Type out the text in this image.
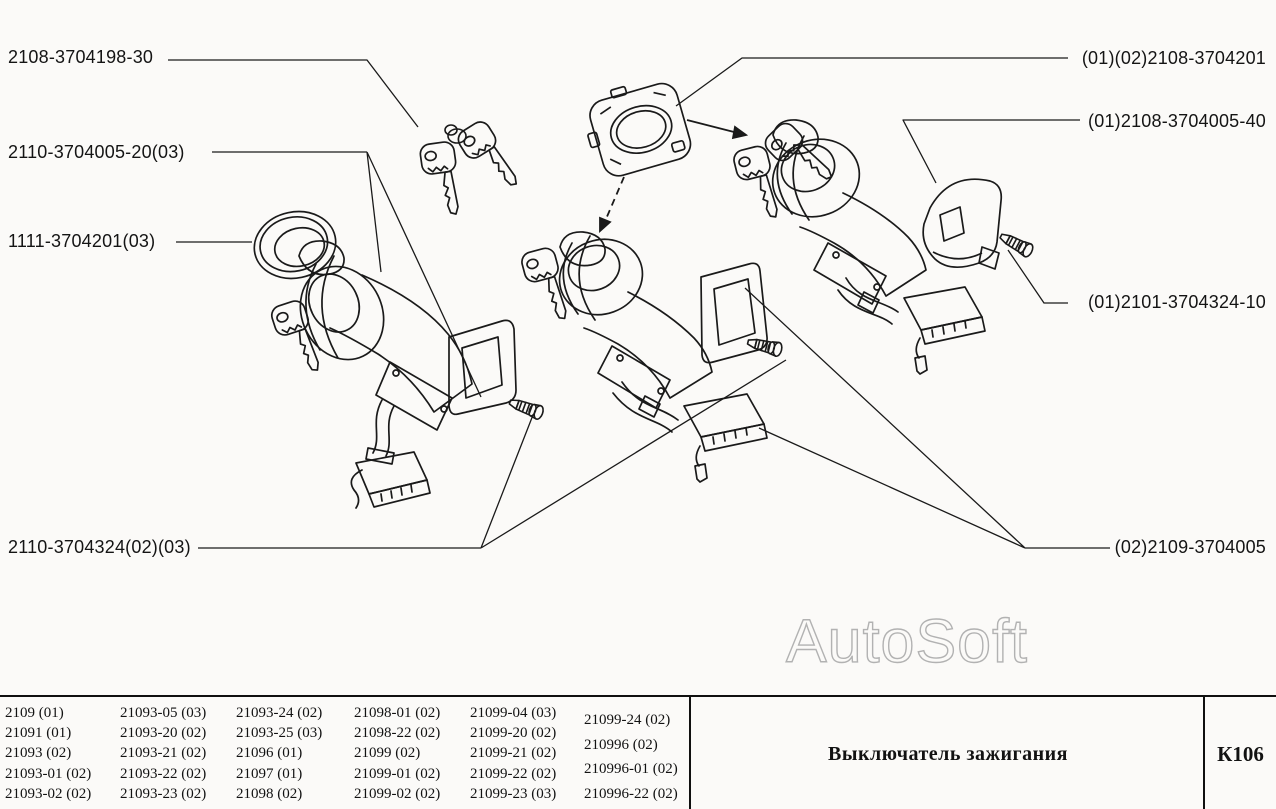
2108-3704198-30
2110-3704005-20(03)
1111-3704201(03)
2110-3704324(02)(03)
(01)(02)2108-3704201
(01)2108-3704005-40
(01)2101-3704324-10
(02)2109-3704005
AutoSoft
2109 (01)
21091 (01)
21093 (02)
21093-01 (02)
21093-02 (02)
21093-05 (03)
21093-20 (02)
21093-21 (02)
21093-22 (02)
21093-23 (02)
21093-24 (02)
21093-25 (03)
21096 (01)
21097 (01)
21098 (02)
21098-01 (02)
21098-22 (02)
21099 (02)
21099-01 (02)
21099-02 (02)
21099-04 (03)
21099-20 (02)
21099-21 (02)
21099-22 (02)
21099-23 (03)
21099-24 (02)
210996 (02)
210996-01 (02)
210996-22 (02)
Выключатель зажигания	К106
